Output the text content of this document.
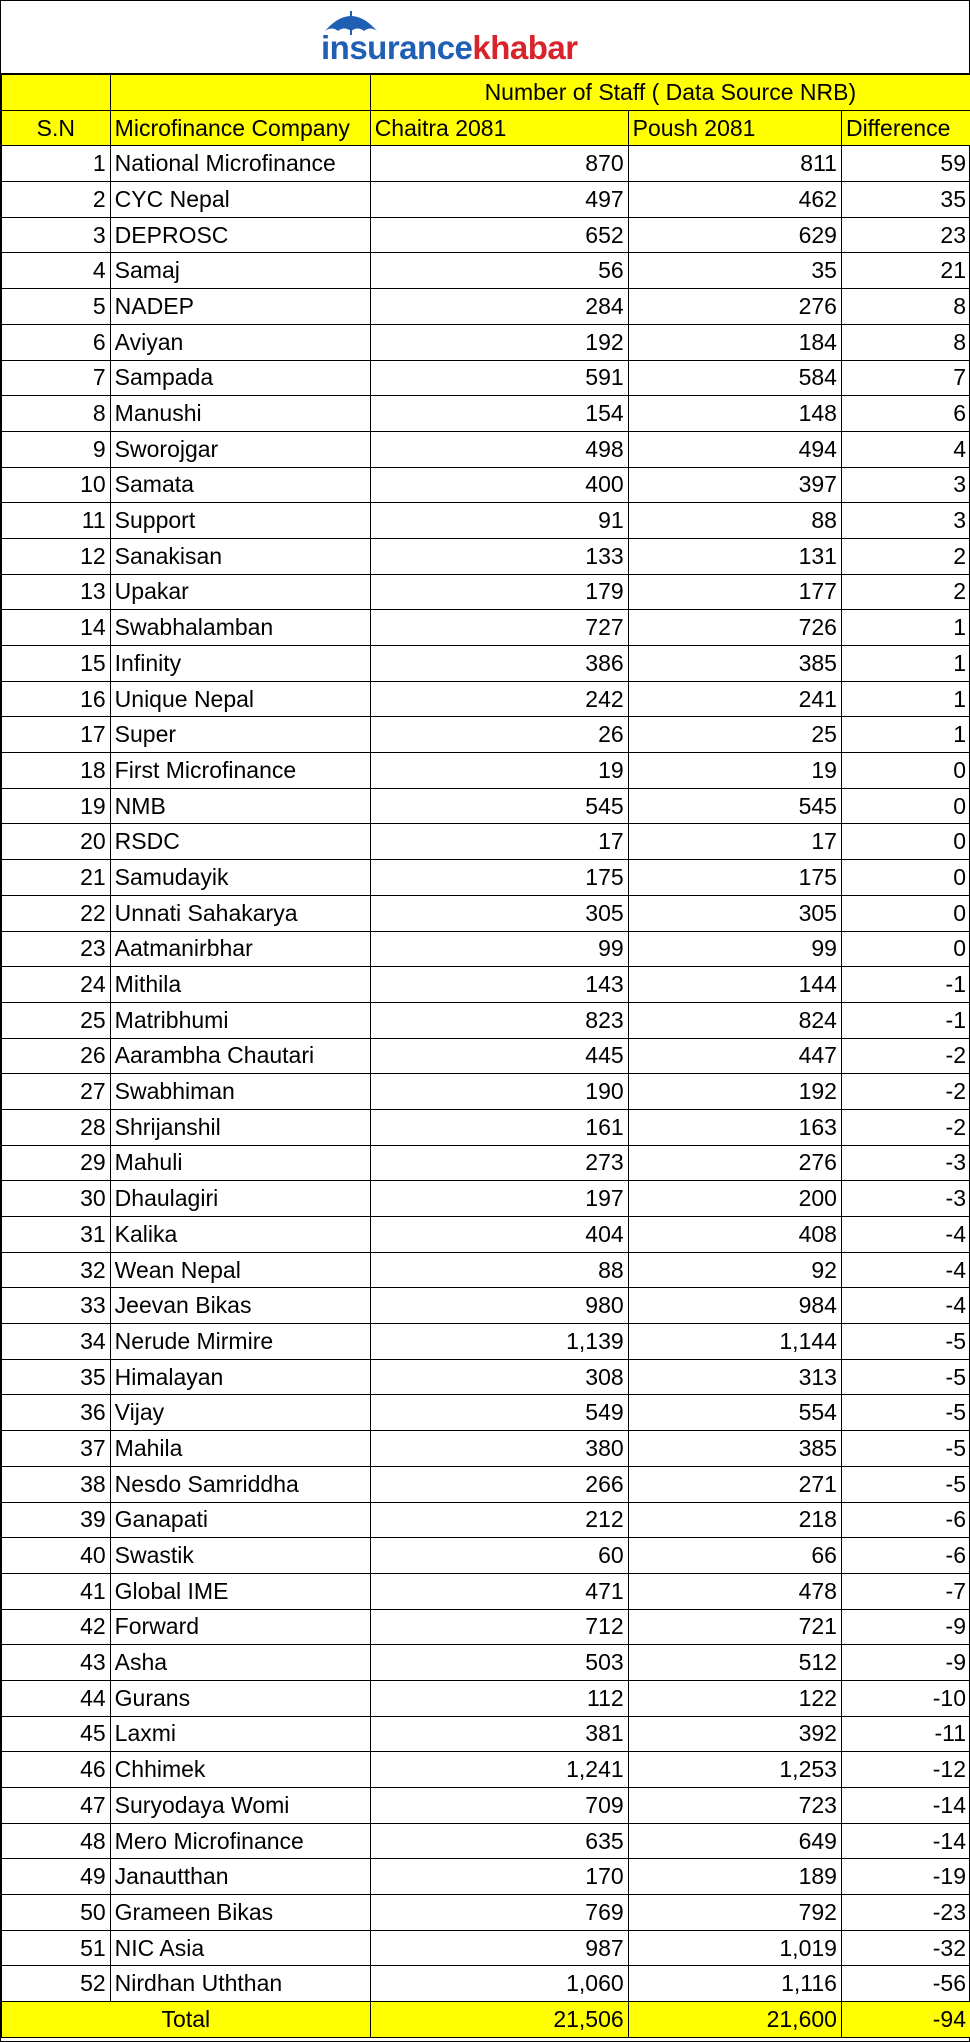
insurancekhabar
		Number of Staff ( Data Source NRB)		
S.N	Microfinance Company	Chaitra 2081	Poush 2081	Difference
1	National Microfinance	870	811	59
2	CYC Nepal	497	462	35
3	DEPROSC	652	629	23
4	Samaj	56	35	21
5	NADEP	284	276	8
6	Aviyan	192	184	8
7	Sampada	591	584	7
8	Manushi	154	148	6
9	Sworojgar	498	494	4
10	Samata	400	397	3
11	Support	91	88	3
12	Sanakisan	133	131	2
13	Upakar	179	177	2
14	Swabhalamban	727	726	1
15	Infinity	386	385	1
16	Unique Nepal	242	241	1
17	Super	26	25	1
18	First Microfinance	19	19	0
19	NMB	545	545	0
20	RSDC	17	17	0
21	Samudayik	175	175	0
22	Unnati Sahakarya	305	305	0
23	Aatmanirbhar	99	99	0
24	Mithila	143	144	-1
25	Matribhumi	823	824	-1
26	Aarambha Chautari	445	447	-2
27	Swabhiman	190	192	-2
28	Shrijanshil	161	163	-2
29	Mahuli	273	276	-3
30	Dhaulagiri	197	200	-3
31	Kalika	404	408	-4
32	Wean Nepal	88	92	-4
33	Jeevan Bikas	980	984	-4
34	Nerude Mirmire	1,139	1,144	-5
35	Himalayan	308	313	-5
36	Vijay	549	554	-5
37	Mahila	380	385	-5
38	Nesdo Samriddha	266	271	-5
39	Ganapati	212	218	-6
40	Swastik	60	66	-6
41	Global IME	471	478	-7
42	Forward	712	721	-9
43	Asha	503	512	-9
44	Gurans	112	122	-10
45	Laxmi	381	392	-11
46	Chhimek	1,241	1,253	-12
47	Suryodaya Womi	709	723	-14
48	Mero Microfinance	635	649	-14
49	Janautthan	170	189	-19
50	Grameen Bikas	769	792	-23
51	NIC Asia	987	1,019	-32
52	Nirdhan Uththan	1,060	1,116	-56
Total		21,506	21,600	-94
